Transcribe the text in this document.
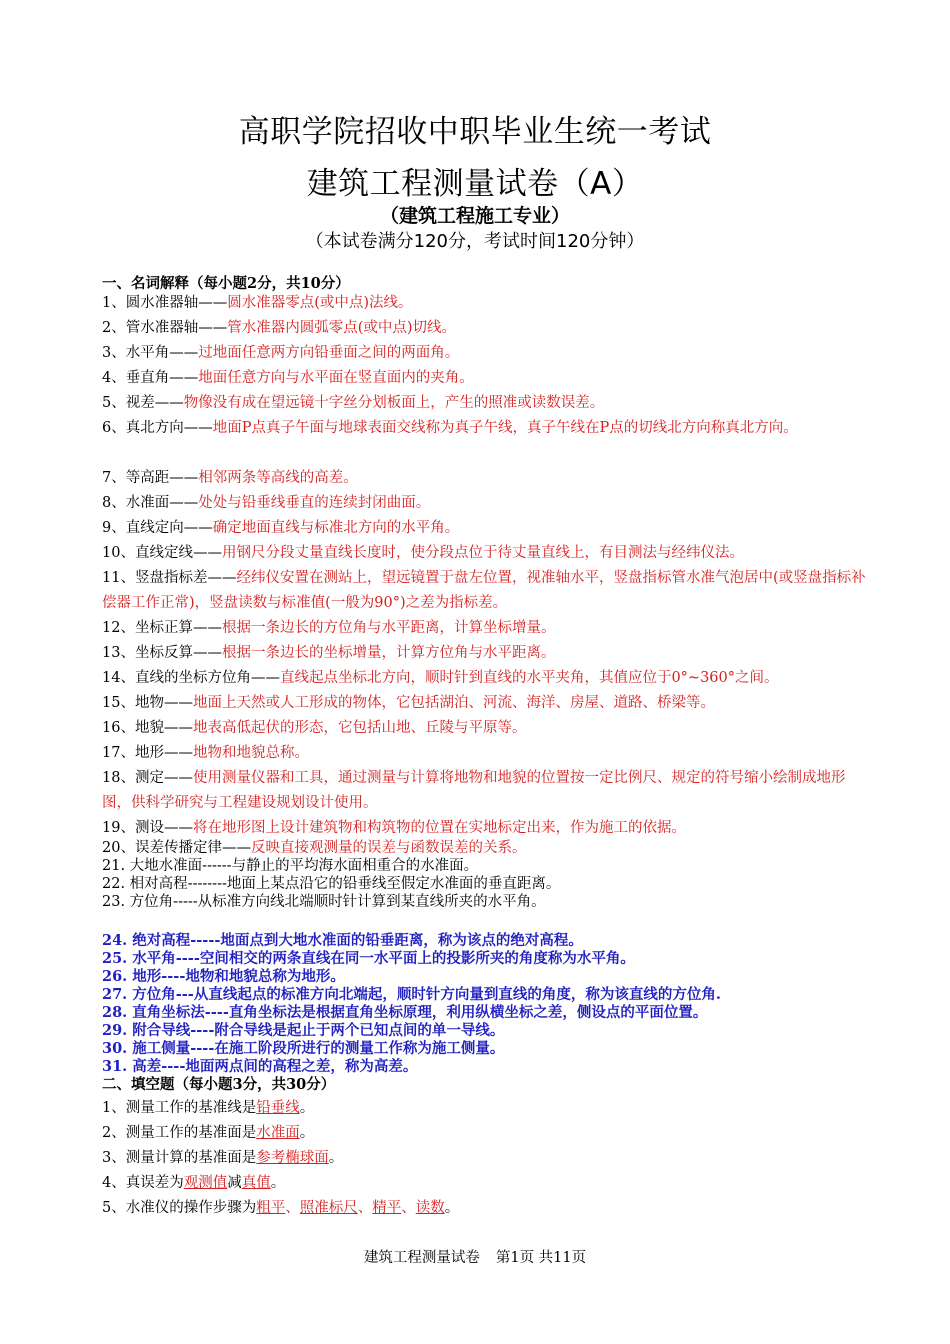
高职学院招收中职毕业生统一考试
建筑工程测量试卷（A）
（建筑工程施工专业）
（本试卷满分120分，考试时间120分钟）
一、名词解释（每小题2分，共10分）
1、圆水准器轴——圆水准器零点(或中点)法线。
2、管水准器轴——管水准器内圆弧零点(或中点)切线。
3、水平角——过地面任意两方向铅垂面之间的两面角。
4、垂直角——地面任意方向与水平面在竖直面内的夹角。
5、视差——物像没有成在望远镜十字丝分划板面上，产生的照准或读数误差。
6、真北方向——地面P点真子午面与地球表面交线称为真子午线，真子午线在P点的切线北方向称真北方向。
7、等高距——相邻两条等高线的高差。
8、水准面——处处与铅垂线垂直的连续封闭曲面。
9、直线定向——确定地面直线与标准北方向的水平角。
10、直线定线——用钢尺分段丈量直线长度时，使分段点位于待丈量直线上，有目测法与经纬仪法。
11、竖盘指标差——经纬仪安置在测站上，望远镜置于盘左位置，视准轴水平，竖盘指标管水准气泡居中(或竖盘指标补偿器工作正常)，竖盘读数与标准值(一般为90°)之差为指标差。
12、坐标正算——根据一条边长的方位角与水平距离，计算坐标增量。
13、坐标反算——根据一条边长的坐标增量，计算方位角与水平距离。
14、直线的坐标方位角——直线起点坐标北方向，顺时针到直线的水平夹角，其值应位于0°~360°之间。
15、地物——地面上天然或人工形成的物体，它包括湖泊、河流、海洋、房屋、道路、桥梁等。
16、地貌——地表高低起伏的形态，它包括山地、丘陵与平原等。
17、地形——地物和地貌总称。
18、测定——使用测量仪器和工具，通过测量与计算将地物和地貌的位置按一定比例尺、规定的符号缩小绘制成地形图，供科学研究与工程建设规划设计使用。
19、测设——将在地形图上设计建筑物和构筑物的位置在实地标定出来，作为施工的依据。
20、误差传播定律——反映直接观测量的误差与函数误差的关系。
21. 大地水准面------与静止的平均海水面相重合的水准面。
22. 相对高程--------地面上某点沿它的铅垂线至假定水准面的垂直距离。
23. 方位角-----从标准方向线北端顺时针计算到某直线所夹的水平角。
24. 绝对高程-----地面点到大地水准面的铅垂距离，称为该点的绝对高程。
25. 水平角----空间相交的两条直线在同一水平面上的投影所夹的角度称为水平角。
26. 地形----地物和地貌总称为地形。
27. 方位角---从直线起点的标准方向北端起，顺时针方向量到直线的角度，称为该直线的方位角.
28. 直角坐标法----直角坐标法是根据直角坐标原理，利用纵横坐标之差，侧设点的平面位置。
29. 附合导线----附合导线是起止于两个已知点间的单一导线。
30. 施工侧量----在施工阶段所进行的测量工作称为施工侧量。
31. 高差----地面两点间的高程之差，称为高差。
二、填空题（每小题3分，共30分）
1、测量工作的基准线是铅垂线。
2、测量工作的基准面是水准面。
3、测量计算的基准面是参考椭球面。
4、真误差为观测值减真值。
5、水准仪的操作步骤为粗平、照准标尺、精平、读数。
建筑工程测量试卷 第1页 共11页
